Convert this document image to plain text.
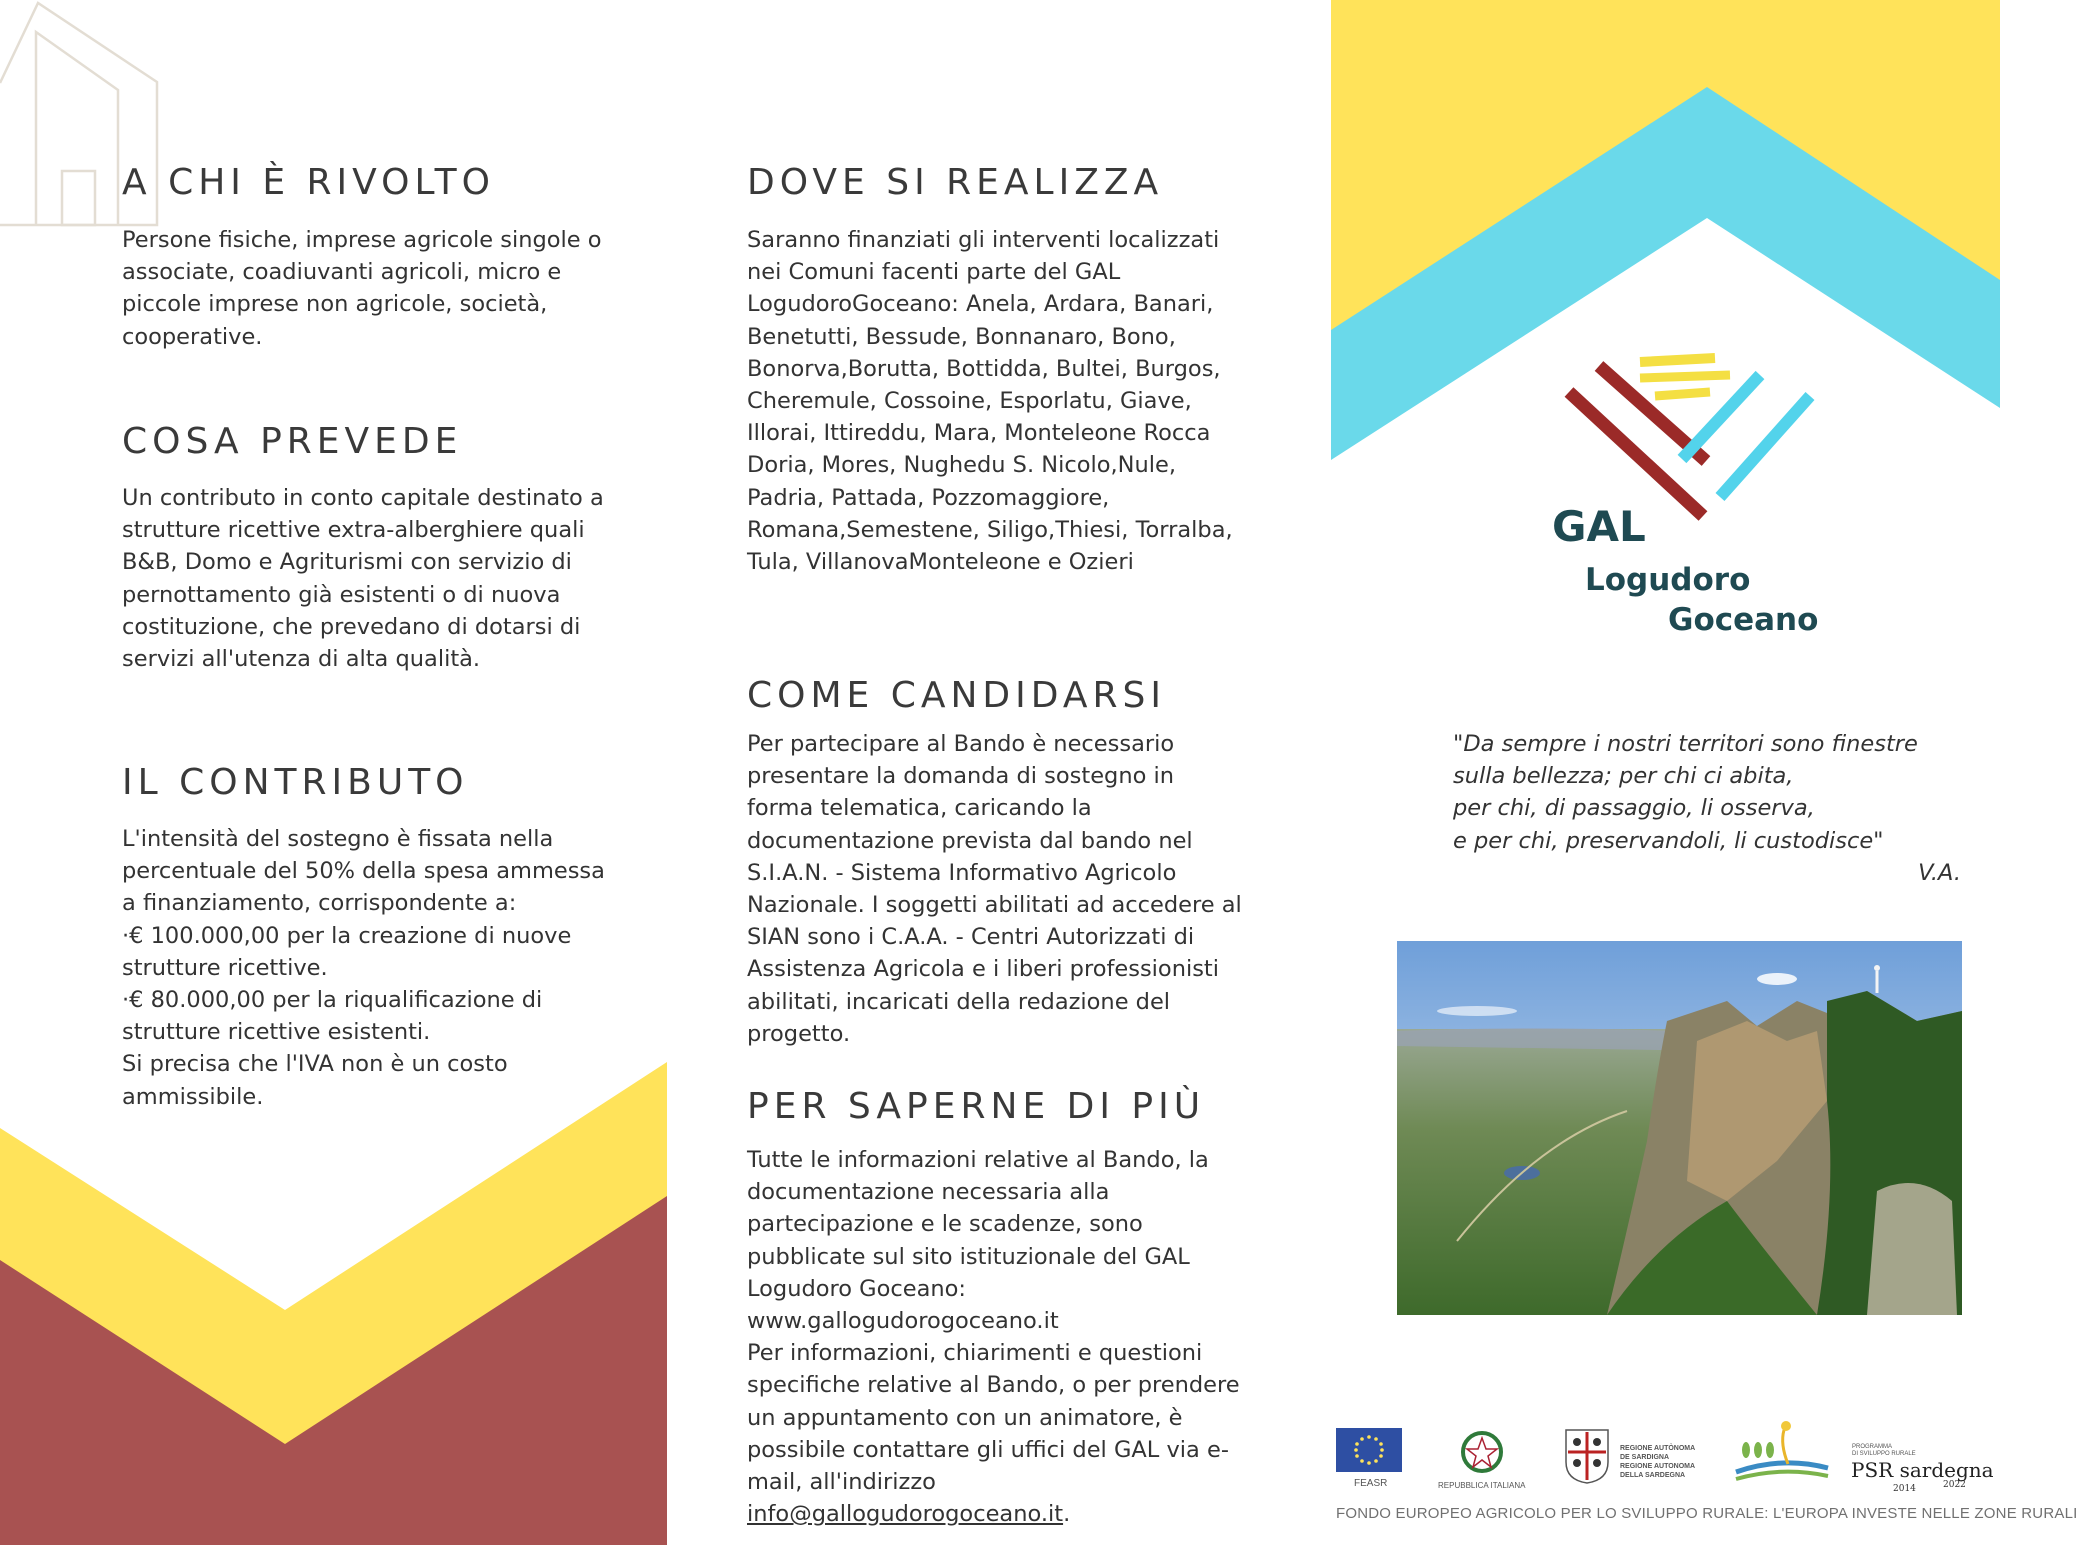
A CHI È RIVOLTO
Persone fisiche, imprese agricole singole o associate, coadiuvanti agricoli, micro e piccole imprese non agricole, società, cooperative.
COSA PREVEDE
Un contributo in conto capitale destinato a strutture ricettive extra-alberghiere quali B&B, Domo e Agriturismi con servizio di pernottamento già esistenti o di nuova costituzione, che prevedano di dotarsi di servizi all'utenza di alta qualità.
IL CONTRIBUTO

L'intensità del sostegno è fissata nella percentuale del 50% della spesa ammessa a finanziamento, corrispondente a:

·€ 100.000,00 per la creazione di nuove strutture ricettive.

·€ 80.000,00 per la riqualificazione di strutture ricettive esistenti.

Si precisa che l'IVA non è un costo ammissibile.

DOVE SI REALIZZA
Saranno finanziati gli interventi localizzati nei Comuni facenti parte del GAL LogudoroGoceano: Anela, Ardara, Banari, Benetutti, Bessude, Bonnanaro, Bono, Bonorva,Borutta, Bottidda, Bultei, Burgos, Cheremule, Cossoine, Esporlatu, Giave, Illorai, Ittireddu, Mara, Monteleone Rocca Doria, Mores, Nughedu S. Nicolo,Nule, Padria, Pattada, Pozzomaggiore, Romana,Semestene, Siligo,Thiesi, Torralba, Tula, VillanovaMonteleone e Ozieri
COME CANDIDARSI
Per partecipare al Bando è necessario presentare la domanda di sostegno in forma telematica, caricando la documentazione prevista dal bando nel S.I.A.N. - Sistema Informativo Agricolo Nazionale. I soggetti abilitati ad accedere al SIAN sono i C.A.A. - Centri Autorizzati di Assistenza Agricola e i liberi professionisti abilitati, incaricati della redazione del progetto.
PER SAPERNE DI PIÙ

Tutte le informazioni relative al Bando, la documentazione necessaria alla partecipazione e le scadenze, sono pubblicate sul sito istituzionale del GAL Logudoro Goceano: www.gallogudorogoceano.it

Per informazioni, chiarimenti e questioni specifiche relative al Bando, o per prendere un appuntamento con un animatore, è possibile contattare gli uffici del GAL via e-mail, all'indirizzo info@gallogudorogoceano.it.

GAL
Logudoro
Goceano
"Da sempre i nostri territori sono finestre
sulla bellezza; per chi ci abita,
per chi, di passaggio, li osserva,
e per chi, preservandoli, li custodisce"
V.A.
FEASR	REPUBBLICA ITALIANA
REGIONE AUTÒNOMA
DE SARDIGNA
REGIONE AUTONOMA
DELLA SARDEGNA
PROGRAMMA
DI SVILUPPO RURALE
PSR sardegna
2014	2022
FONDO EUROPEO AGRICOLO PER LO SVILUPPO RURALE: L'EUROPA INVESTE NELLE ZONE RURALI
